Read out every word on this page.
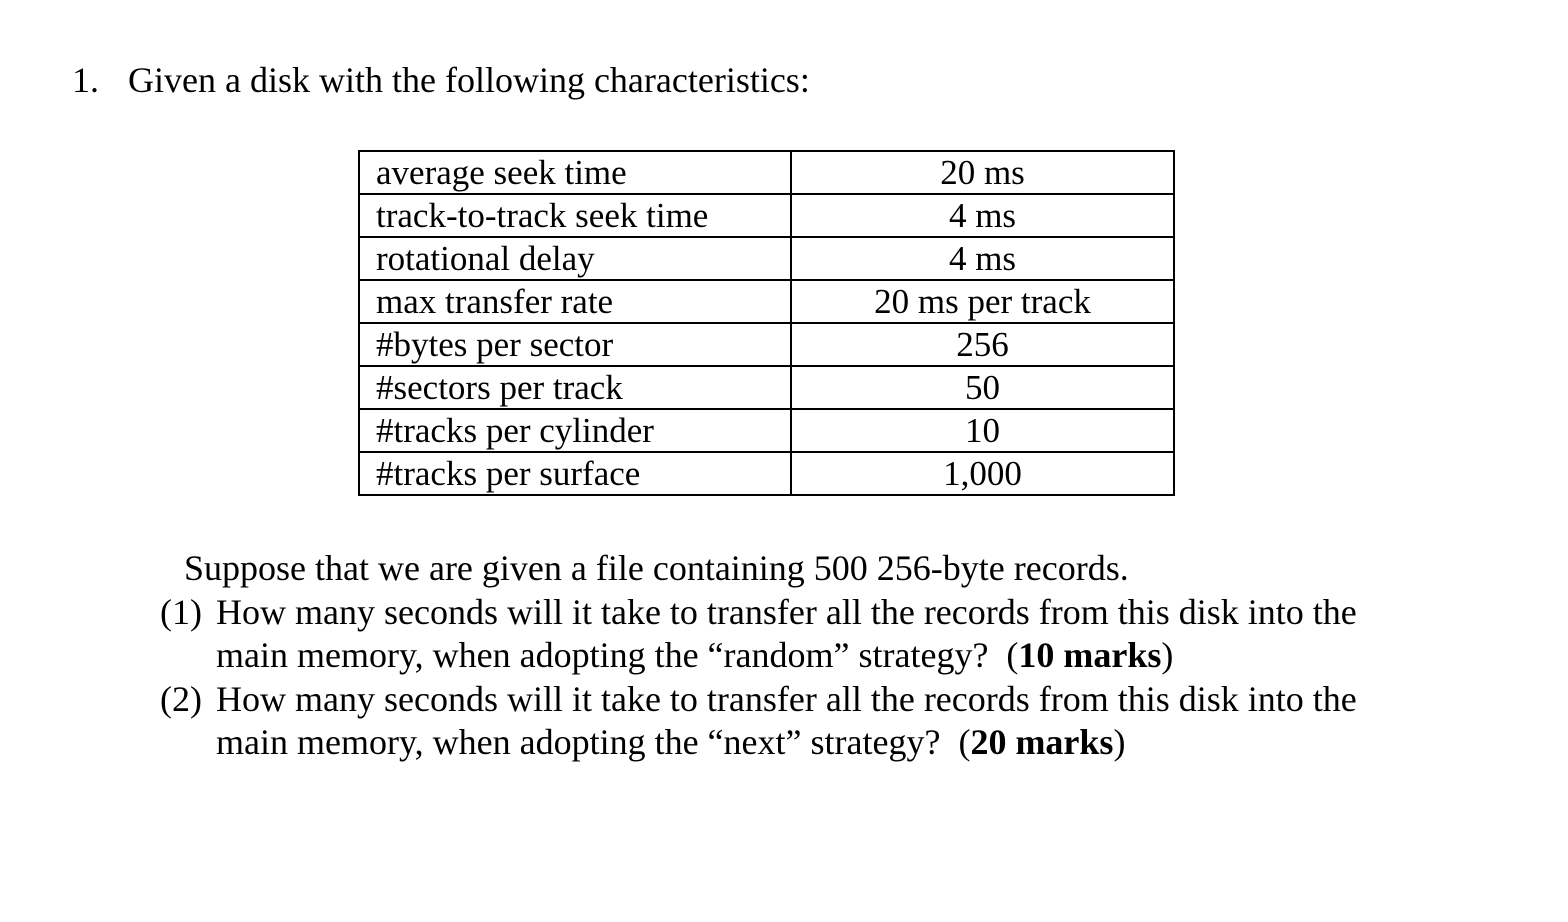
1. Given a disk with the following characteristics:
average seek time	20 ms
track-to-track seek time	4 ms
rotational delay	4 ms
max transfer rate	20 ms per track
#bytes per sector	256
#sectors per track	50
#tracks per cylinder	10
#tracks per surface	1,000
Suppose that we are given a file containing 500 256-byte records.
(1) How many seconds will it take to transfer all the records from this disk into the
main memory, when adopting the “random” strategy? (10 marks)
(2) How many seconds will it take to transfer all the records from this disk into the
main memory, when adopting the “next” strategy? (20 marks)
